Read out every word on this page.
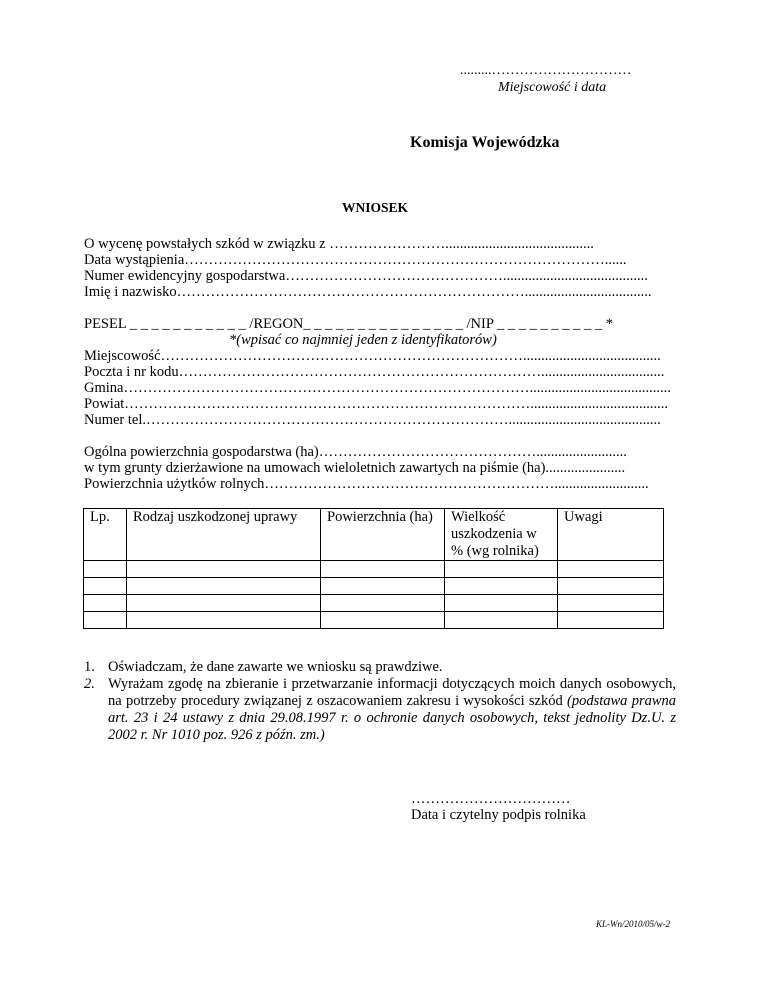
.........…………………………
Miejscowość i data
Komisja Wojewódzka
WNIOSEK
O wycenę powstałych szkód w związku z …………………….........................................
Data wystąpienia……………………………………………………………………………......
Numer ewidencyjny gospodarstwa………………………………………........................................
Imię i nazwisko………………………………………………………………...................................
PESEL _ _ _ _ _ _ _ _ _ _ _ /REGON_ _ _ _ _ _ _ _ _ _ _ _ _ _ _ /NIP _ _ _ _ _ _ _ _ _ _ *
*(wpisać co najmniej jeden z identyfikatorów)
Miejscowość…………………………………………………………………......................................
Poczta i nr kodu…………………………………………………………………..................................
Gmina………………………………………………………………………….......................................
Powiat…………………………………………………………………………......................................
Numer tel.…………………………………………………………………..........................................
Ogólna powierzchnia gospodarstwa (ha)……………………………………….........................
w tym grunty dzierżawione na umowach wieloletnich zawartych na piśmie (ha)......................
Powierzchnia użytków rolnych……………………………………………………..........................
Lp.	Rodzaj uszkodzonej uprawy	Powierzchnia (ha)	Wielkość uszkodzenia w % (wg rolnika)	Uwagi

1. Oświadczam, że dane zawarte we wniosku są prawdziwe.
2. Wyrażam zgodę na zbieranie i przetwarzanie informacji dotyczących moich danych osobowych, na potrzeby procedury związanej z oszacowaniem zakresu i wysokości szkód (podstawa prawna art. 23 i 24 ustawy z dnia 29.08.1997 r. o ochronie danych osobowych, tekst jednolity Dz.U. z 2002 r. Nr 1010 poz. 926 z późn. zm.)
……………………………
Data i czytelny podpis rolnika
KL-Wn/2010/05/w-2
